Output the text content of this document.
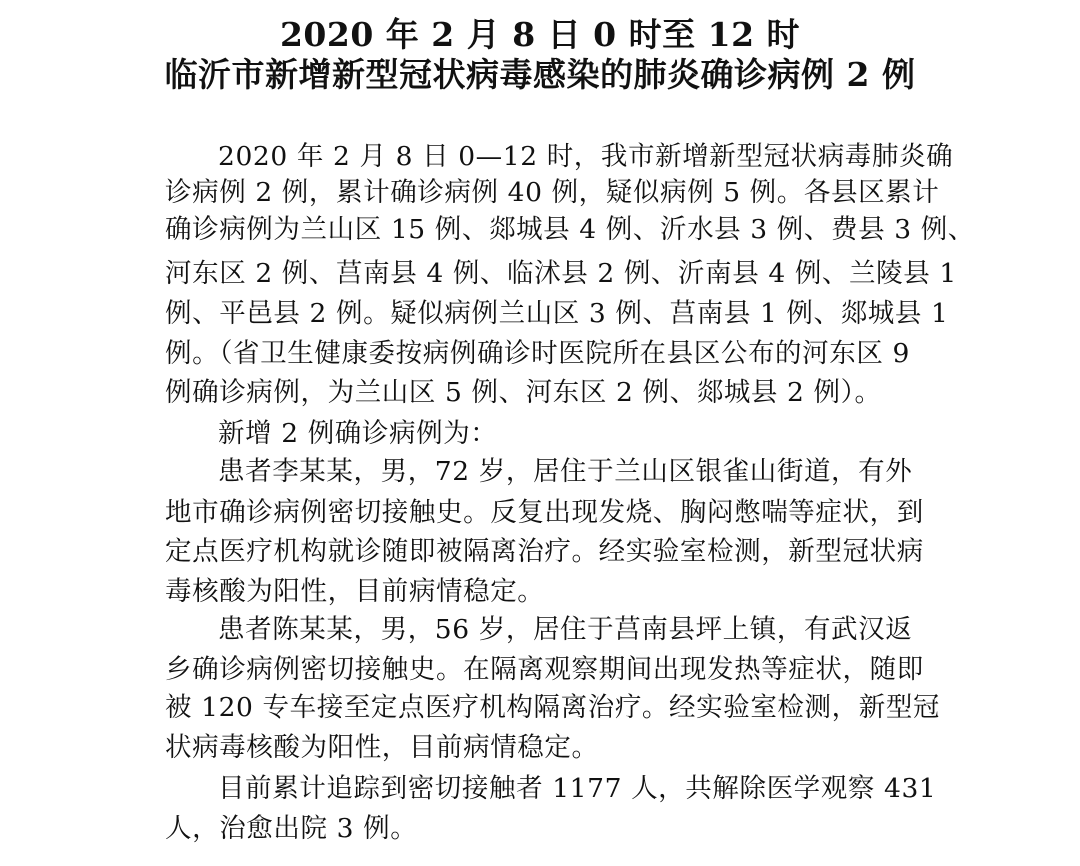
2020 年 2 月 8 日 0 时至 12 时
临沂市新增新型冠状病毒感染的肺炎确诊病例 2 例
2020 年 2 月 8 日 0—12 时，我市新增新型冠状病毒肺炎确
诊病例 2 例，累计确诊病例 40 例，疑似病例 5 例。各县区累计
确诊病例为兰山区 15 例、郯城县 4 例、沂水县 3 例、费县 3 例、
河东区 2 例、莒南县 4 例、临沭县 2 例、沂南县 4 例、兰陵县 1
例、平邑县 2 例。疑似病例兰山区 3 例、莒南县 1 例、郯城县 1
例。（省卫生健康委按病例确诊时医院所在县区公布的河东区 9
例确诊病例，为兰山区 5 例、河东区 2 例、郯城县 2 例）。
新增 2 例确诊病例为：
患者李某某，男，72 岁，居住于兰山区银雀山街道，有外
地市确诊病例密切接触史。反复出现发烧、胸闷憋喘等症状，到
定点医疗机构就诊随即被隔离治疗。经实验室检测，新型冠状病
毒核酸为阳性，目前病情稳定。
患者陈某某，男，56 岁，居住于莒南县坪上镇，有武汉返
乡确诊病例密切接触史。在隔离观察期间出现发热等症状，随即
被 120 专车接至定点医疗机构隔离治疗。经实验室检测，新型冠
状病毒核酸为阳性，目前病情稳定。
目前累计追踪到密切接触者 1177 人，共解除医学观察 431
人，治愈出院 3 例。
